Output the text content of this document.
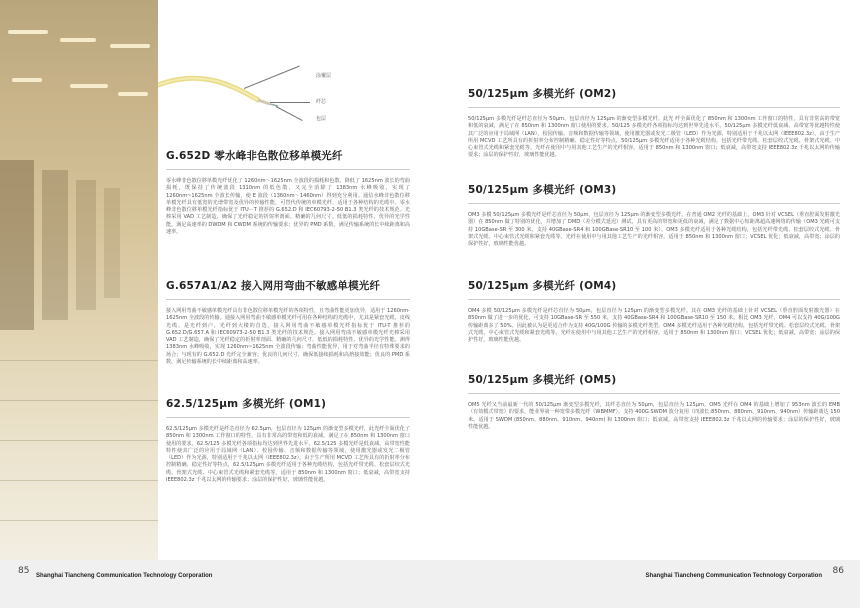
涂覆层
纤芯
包层
G.652D 零水峰非色散位移单模光纤

零水峰非色散位移单模光纤优化了 1260nm～1625nm 全波段的损耗和色散，降低了 1625nm 波长的弯曲损耗，既保持了传统波段 1310nm 的低色散，又完全消除了 1383nm 水峰吸收，实现了 1260nm~1625nm 全波长传输，使 E 波段（1360nm～1460nm）得到充分利用。通信水峰非色散位移单模光纤具有低宽的光谱带宽及优异的传输性能，可替代传统的单模光纤，适用于各种结构的光缆中。零水峰非色散位移单模光纤指标优于 ITU－T 推荐的 G.652.D 和 IEC60793-2-50 B1.3 类光纤的技术规范。光棒采用 VAD 工艺制造，确保了光纤稳定的折射率剖面、精确的几何尺寸。低低的损耗特性、优异的光学性能。满足高速率的 DWDM 和 CWDM 系统的传输要求；优异的 PMD 系数，满足传输系统的长中续距离和高速率。

G.657A1/A2 接入网用弯曲不敏感单模光纤

接入网用弯曲不敏感单模光纤具有非色散位移单模光纤的各项特性，且弯曲性能更加优异，适用于 1260nm-1625nm 全波段的传输。通接入网用弯曲不敏感单模光纤可用在各种结构的光缆中，尤其是紧套光缆、皮线光缆、是光纤到户、光纤到大楼的首选。接入网用弯曲不敏感单模光纤指标优于 ITU-T 推荐的 G.652.D/G.657.A 和 IEC60973-2-50 B1.3 类光纤的技术规范。接入网用弯曲不敏感单模光纤光棒采用 VAD 工艺制造，确保了光纤稳定的折射率剖面、精确的几何尺寸，低低的损耗特性、优异的光学性能。测得 1383nm 水峰吸收，实现 1260nm~1625nm 全波段传输；弯曲性能优异，用于对弯曲半径有特殊要求的场合；与现有的 G.652.D 光纤完全兼容；优良的几何尺寸，确保低接续损耗和高熔接效能；优良的 PMD 系数，满足传输系统的长中续距离和高速率。

62.5/125μm 多模光纤 (OM1)

62.5/125μm 多模光纤是纤芯直径为 62.5μm，包层直径为 125μm 的渐变型多模光纤，此光纤全面优化了 850nm 和 1300nm 工作窗口的特性，具有非常高的带宽和低的衰减，满足了在 850nm 和 1300nm 窗口使用的要求。62.5/125 多模光纤各项指标均达到世界先进水平。62.5/125 多模光纤是低衰减、高带宽性能特性使其广泛的应用于局域网（LAN）、校园传输、音频和数据传输等领域，使用激光器或发光二极管（LED）作为光源，特别适用于千兆以太网（IEEE802.3z）。由于生产所用 MCVD 工艺所具有的折射率分布控制精确、稳定性好等特点，62.5/125μm 多模光纤适用于各种光缆结构，包括光纤带光缆、松套层绞式光缆、骨架式光缆、中心束管式光缆和紧套光缆等。适用于 850nm 和 1300nm 窗口；低衰减，高带宽支持 IEEE802.3z 千兆以太网的传输要求；涂层的保护性好，玻璃性能优越。

50/125μm 多模光纤 (OM2)

50/125μm 多模光纤是纤芯直径为 50μm、包层直径为 125μm 的渐变型多模光纤。此光 纤全面优化了 850nm 和 1300nm 工作窗口的特性，具有非常高的带宽和低的衰减，满足了在 850nm 和 1300nm 窗口使用的要求。50/125 多模光纤各项指标均达到世界先进水平。50/125μm 多模光纤低衰减、高带宽等优越特性使其广泛的应用于局域网（LAN）、校园传输、音频和数据传输等领域，使用激光器或发光二极管（LED）作为光源，特别适用于千兆以太网（IEEE802.3z）。由于生产所用 MCVD 工艺所具有的折射率分布控制精确、稳定性好等特点，50/125μm 多模光纤适用于各种光缆结构，包括光纤带光缆、松套层绞式光缆、骨架式光缆、中心束管式光缆和紧套光缆等。光纤在使用中与用其他工艺生产的光纤相容。适用于 850nm 和 1300nm 窗口；低衰减，高带宽支持 IEEE802.3z 千兆以太网的传输要求；涂层的保护性好，玻璃性能优越。

50/125μm 多模光纤 (OM3)

OM3 多模 50/125μm 多模光纤是纤芯直径为 50μm，包层直径为 125μm 的渐变型多模光纤。在普通 OM2 光纤的基础上，OM3 针对 VCSEL（垂直腔面发射激光器）在 850nm 做了特别的优化，并增加了 DMD（差分模式延迟）测试，具有更高的带宽和更低的衰减，满足了数据中心短距离超高速网络的传输（OM3 光缆可支持 10GBase-SR 至 300 米，支持 40GBase-SR4 和 100GBase-SR10 至 100 米）。OM3 多模光纤适用于各种光缆结构，包括光纤带光缆、松套层绞式光缆、骨架式光缆、中心束管式光缆和紧套光缆等。光纤在使用中与用其他工艺生产的光纤相容。适用于 850nm 和 1300nm 窗口；VCSEL 优化；低衰减，高带宽；涂层的保护性好，玻璃性能优越。

50/125μm 多模光纤 (OM4)

OM4 多模 50/125μm 多模光纤是纤芯直径为 50μm，包层直径为 125μm 的渐变型多模光纤。其在 OM3 光纤的基础上针对 VCSEL（垂直腔面发射激光器）在 850nm 做了进一步的优化，可支持 10GBase-SR 至 550 米，支持 40GBase-SR4 和 100GBase-SR10 至 150 米。相比 OM3 光纤，OM4 可以支持 40G/100G 传输距离多了 50%。因此被认为是更适合作为支持 40G/100G 传输的多模光纤类型。OM4 多模光纤适用于各种光缆结构，包括光纤带光缆、松套层绞式光缆、骨架式光缆、中心束管式光缆和紧套光缆等。光纤在使用中与用其他工艺生产的光纤相容。适用于 850nm 和 1300nm 窗口；VCSEL 优化；低衰减，高带宽；涂层的保护性好，玻璃性能优越。

50/125μm 多模光纤 (OM5)

OM5 光纤又当前最新一代的 50/125μm 渐变型多模光纤，其纤芯直径为 50μm，包层直径为 125μm。OM5 光纤在 OM4 的基础上增加了 953nm 波长的 EMB（有效模式带宽）的要求，能业界第一种宽带多模光纤（WBMMF）。支持 400G SWDM 波分复用（四波长:850nm、880nm、910nm、940nm）传输距离达 150 米。适用于 SWDM (850nm、880nm、910nm、940nm) 和 1300nm 窗口；低衰减，高带宽支持 IEEE802.3z 千兆以太网的传输要求；涂层的保护性好，玻璃性能优越。

85 Shanghai Tiancheng Communication Technology Corporation	Shanghai Tiancheng Communication Technology Corporation 86
